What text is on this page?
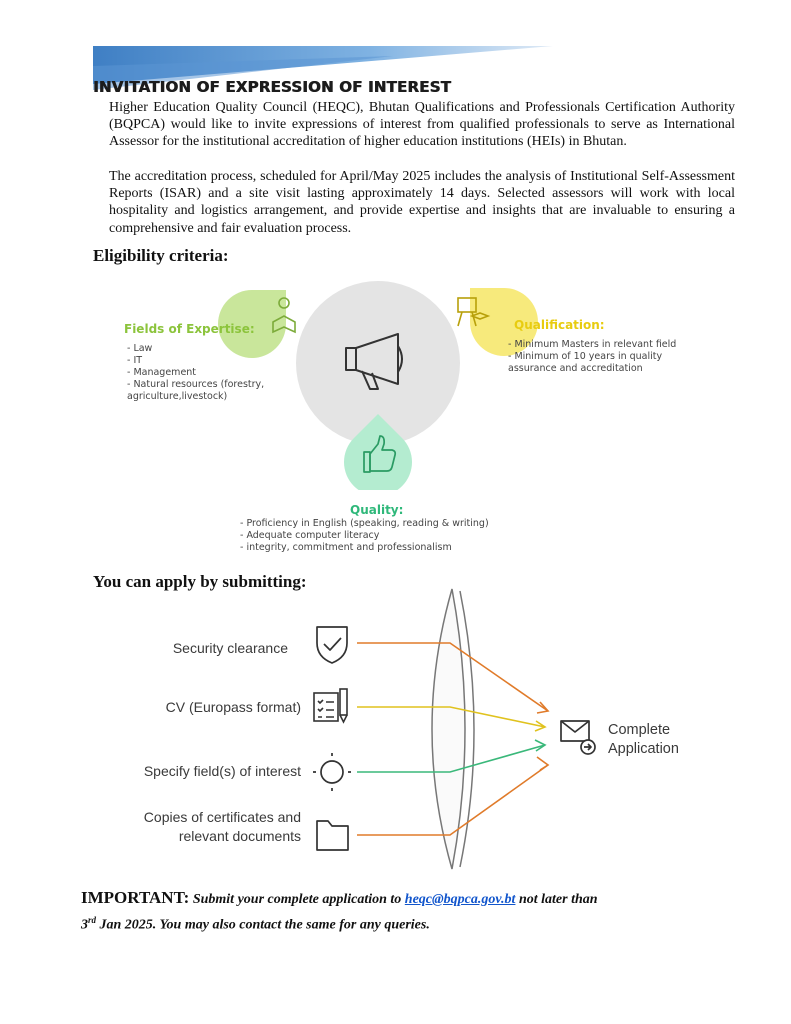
INVITATION OF EXPRESSION OF INTEREST

Higher Education Quality Council (HEQC), Bhutan Qualifications and Professionals Certification Authority (BQPCA) would like to invite expressions of interest from qualified professionals to serve as International Assessor for the institutional accreditation of higher education institutions (HEIs) in Bhutan.

The accreditation process, scheduled for April/May 2025 includes the analysis of Institutional Self-Assessment Reports (ISAR) and a site visit lasting approximately 14 days. Selected assessors will work with local hospitality and logistics arrangement, and provide expertise and insights that are invaluable to ensuring a comprehensive and fair evaluation process.

Eligibility criteria:
Fields of Expertise:
- Law
- IT
- Management
- Natural resources (forestry,
agriculture,livestock)
Qualification:
- Minimum Masters in relevant field
- Minimum of 10 years in quality
assurance and accreditation
Quality:
- Proficiency in English (speaking, reading & writing)
- Adequate computer literacy
- integrity, commitment and professionalism
You can apply by submitting:
Security clearance
CV (Europass format)
Specify field(s) of interest
Copies of certificates and
relevant documents
Complete
Application

IMPORTANT: Submit your complete application to heqc@bqpca.gov.bt not later than
3rd Jan 2025. You may also contact the same for any queries.
